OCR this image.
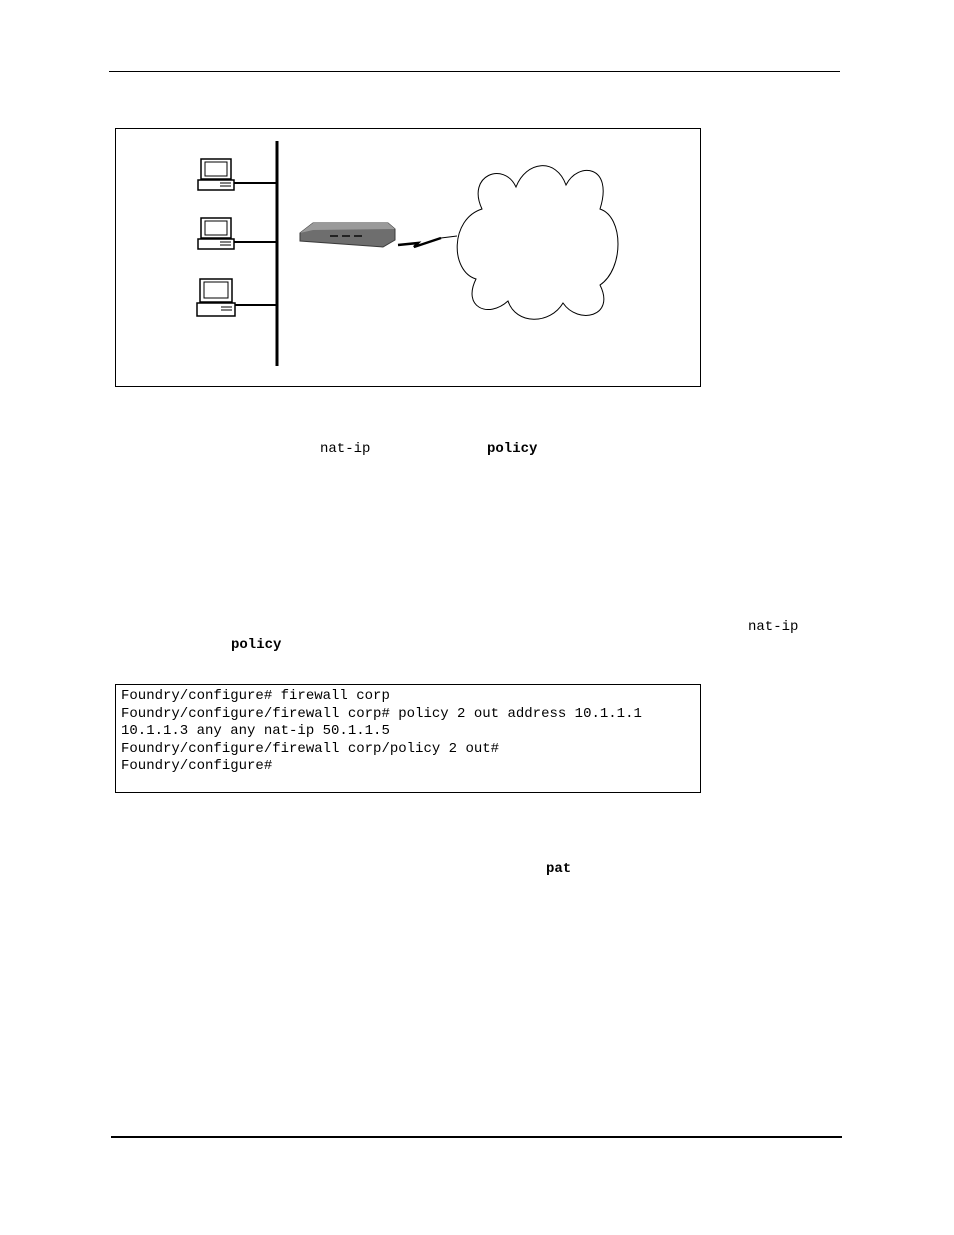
nat-ip	policy
nat-ip
policy
Foundry/configure# firewall corp
Foundry/configure/firewall corp# policy 2 out address 10.1.1.1
10.1.1.3 any any nat-ip 50.1.1.5
Foundry/configure/firewall corp/policy 2 out#
Foundry/configure#
pat
